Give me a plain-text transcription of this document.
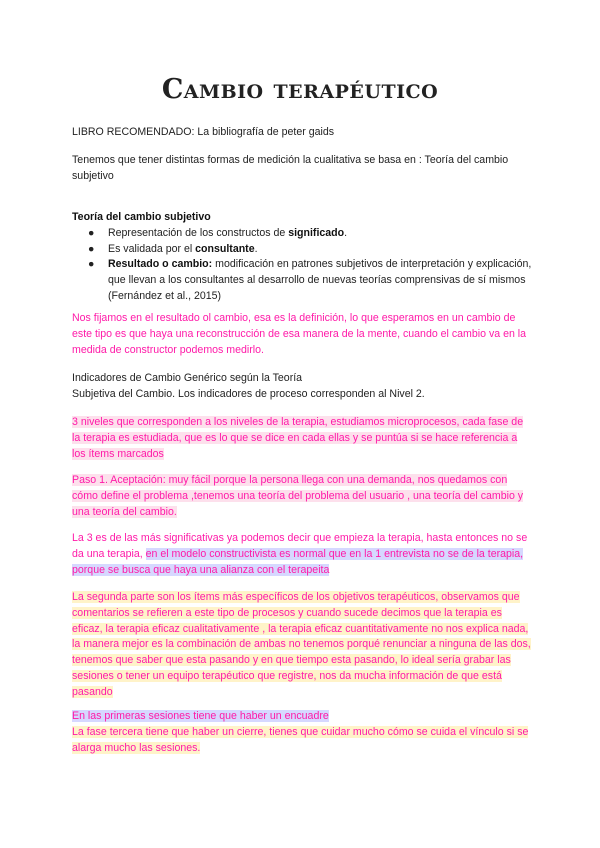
Cambio terapéutico
LIBRO RECOMENDADO: La bibliografía de peter gaids
Tenemos que tener distintas formas de medición la cualitativa se basa en : Teoría del cambio subjetivo
Teoría del cambio subjetivo
● Representación de los constructos de significado.
● Es validada por el consultante.
● Resultado o cambio: modificación en patrones subjetivos de interpretación y explicación, que llevan a los consultantes al desarrollo de nuevas teorías comprensivas de sí mismos (Fernández et al., 2015)
Nos fijamos en el resultado ol cambio, esa es la definición, lo que esperamos en un cambio de este tipo es que haya una reconstrucción de esa manera de la mente, cuando el cambio va en la medida de constructor podemos medirlo.
Indicadores de Cambio Genérico según la Teoría
Subjetiva del Cambio. Los indicadores de proceso corresponden al Nivel 2.
3 niveles que corresponden a los niveles de la terapia, estudiamos microprocesos, cada fase de la terapia es estudiada, que es lo que se dice en cada ellas y se puntúa si se hace referencia a los ítems marcados
Paso 1. Aceptación: muy fácil porque la persona llega con una demanda, nos quedamos con cómo define el problema ,tenemos una teoría del problema del usuario , una teoría del cambio y una teoría del cambio.
La 3 es de las más significativas ya podemos decir que empieza la terapia, hasta entonces no se da una terapia, en el modelo constructivista es normal que en la 1 entrevista no se de la terapia, porque se busca que haya una alianza con el terapeita
La segunda parte son los ítems más específicos de los objetivos terapéuticos, observamos que comentarios se refieren a este tipo de procesos y cuando sucede decimos que la terapia es eficaz, la terapia eficaz cualitativamente , la terapia eficaz cuantitativamente no nos explica nada, la manera mejor es la combinación de ambas no tenemos porqué renunciar a ninguna de las dos, tenemos que saber que esta pasando y en que tiempo esta pasando, lo ideal sería grabar las sesiones o tener un equipo terapéutico que registre, nos da mucha información de que está pasando
En las primeras sesiones tiene que haber un encuadre
La fase tercera tiene que haber un cierre, tienes que cuidar mucho cómo se cuida el vínculo si se alarga mucho las sesiones.
